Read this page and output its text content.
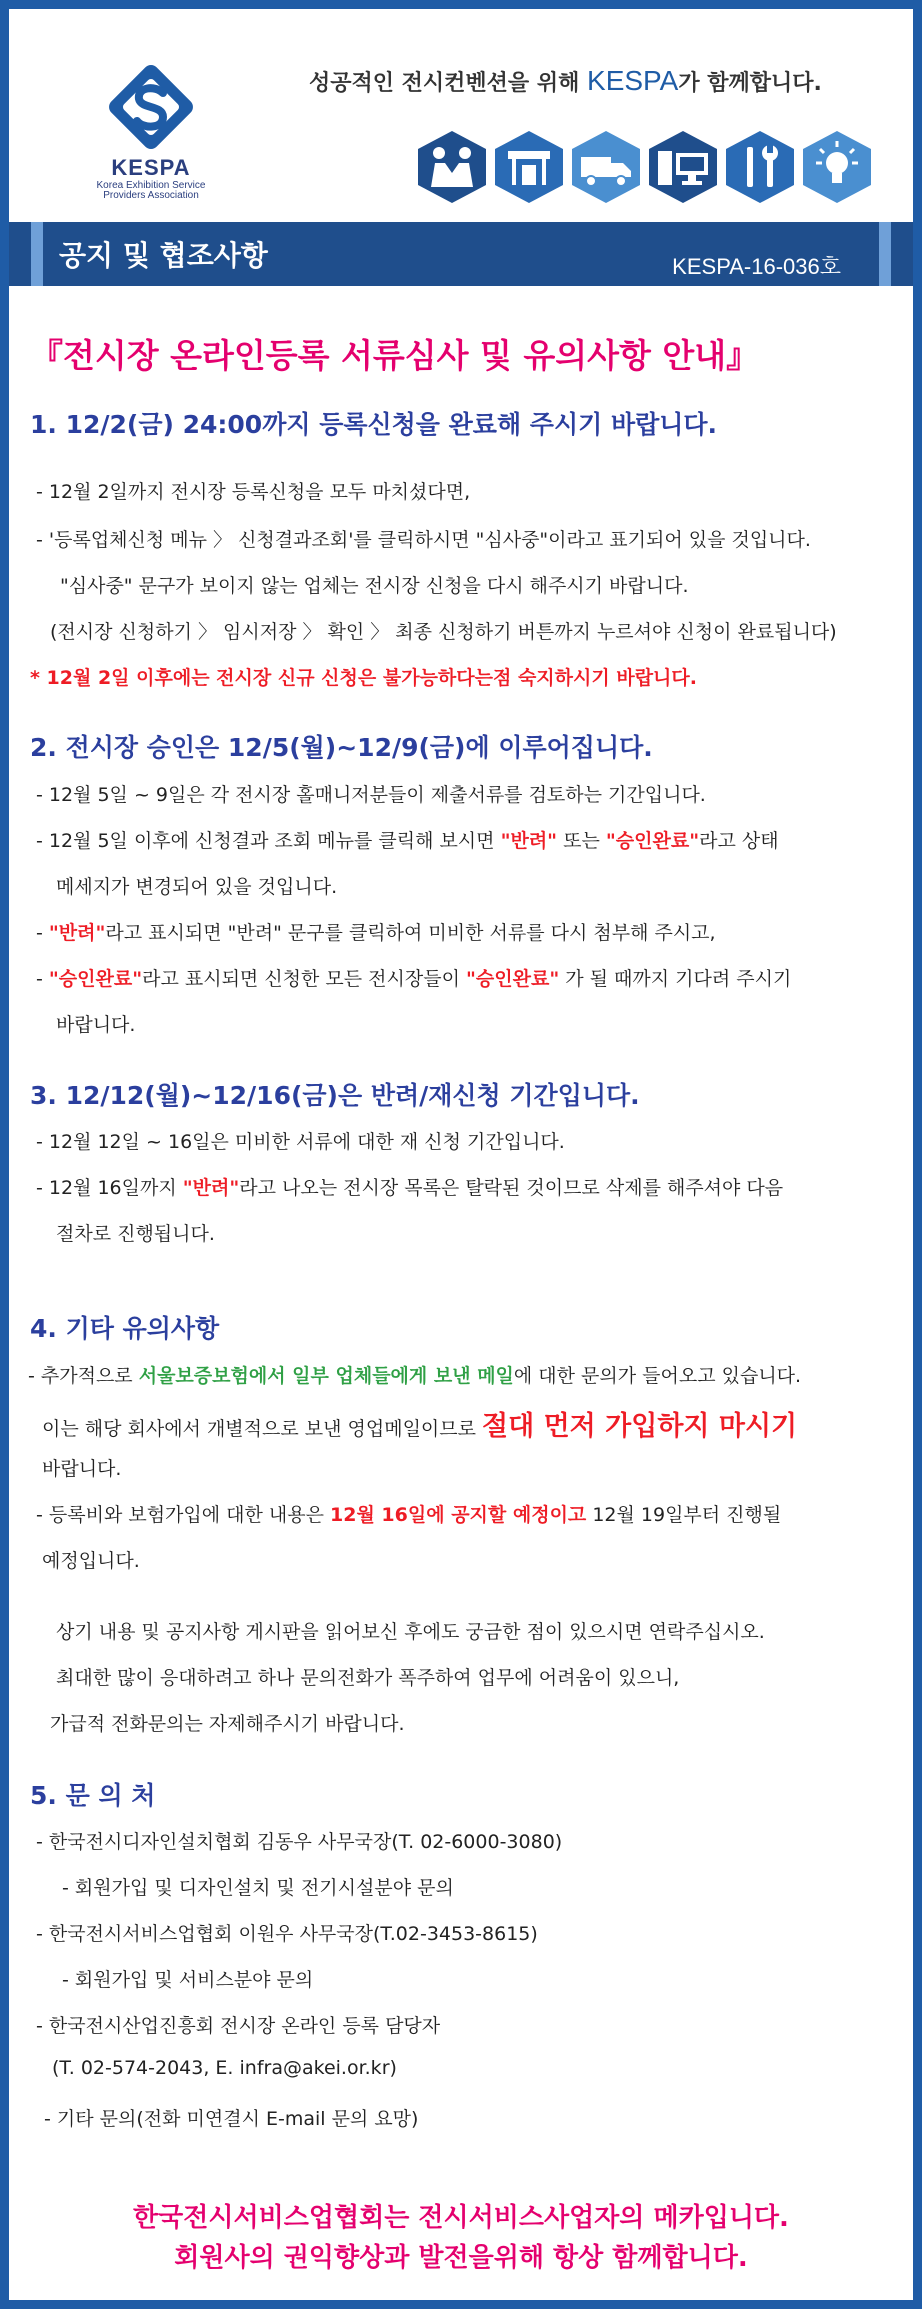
KESPA
Korea Exhibition Service
Providers Association
성공적인 전시컨벤션을 위해 KESPA가 함께합니다.
공지 및 협조사항	KESPA-16-036호
『전시장 온라인등록 서류심사 및 유의사항 안내』
1. 12/2(금) 24:00까지 등록신청을 완료해 주시기 바랍니다.
- 12월 2일까지 전시장 등록신청을 모두 마치셨다면,
- '등록업체신청 메뉴 〉 신청결과조회'를 클릭하시면 "심사중"이라고 표기되어 있을 것입니다.
"심사중" 문구가 보이지 않는 업체는 전시장 신청을 다시 해주시기 바랍니다.
(전시장 신청하기 〉 임시저장 〉 확인 〉 최종 신청하기 버튼까지 누르셔야 신청이 완료됩니다)
* 12월 2일 이후에는 전시장 신규 신청은 불가능하다는점 숙지하시기 바랍니다.
2. 전시장 승인은 12/5(월)~12/9(금)에 이루어집니다.
- 12월 5일 ~ 9일은 각 전시장 홀매니저분들이 제출서류를 검토하는 기간입니다.
- 12월 5일 이후에 신청결과 조회 메뉴를 클릭해 보시면 "반려" 또는 "승인완료"라고 상태
메세지가 변경되어 있을 것입니다.
- "반려"라고 표시되면 "반려" 문구를 클릭하여 미비한 서류를 다시 첨부해 주시고,
- "승인완료"라고 표시되면 신청한 모든 전시장들이 "승인완료" 가 될 때까지 기다려 주시기
바랍니다.
3. 12/12(월)~12/16(금)은 반려/재신청 기간입니다.
- 12월 12일 ~ 16일은 미비한 서류에 대한 재 신청 기간입니다.
- 12월 16일까지 "반려"라고 나오는 전시장 목록은 탈락된 것이므로 삭제를 해주셔야 다음
절차로 진행됩니다.
4. 기타 유의사항
- 추가적으로 서울보증보험에서 일부 업체들에게 보낸 메일에 대한 문의가 들어오고 있습니다.
이는 해당 회사에서 개별적으로 보낸 영업메일이므로 절대 먼저 가입하지 마시기
바랍니다.
- 등록비와 보험가입에 대한 내용은 12월 16일에 공지할 예정이고 12월 19일부터 진행될
예정입니다.
상기 내용 및 공지사항 게시판을 읽어보신 후에도 궁금한 점이 있으시면 연락주십시오.
최대한 많이 응대하려고 하나 문의전화가 폭주하여 업무에 어려움이 있으니,
가급적 전화문의는 자제해주시기 바랍니다.
5. 문 의 처
- 한국전시디자인설치협회 김동우 사무국장(T. 02-6000-3080)
- 회원가입 및 디자인설치 및 전기시설분야 문의
- 한국전시서비스업협회 이원우 사무국장(T.02-3453-8615)
- 회원가입 및 서비스분야 문의
- 한국전시산업진흥회 전시장 온라인 등록 담당자
(T. 02-574-2043, E. infra@akei.or.kr)
- 기타 문의(전화 미연결시 E-mail 문의 요망)
한국전시서비스업협회는 전시서비스사업자의 메카입니다.
회원사의 권익향상과 발전을위해 항상 함께합니다.
